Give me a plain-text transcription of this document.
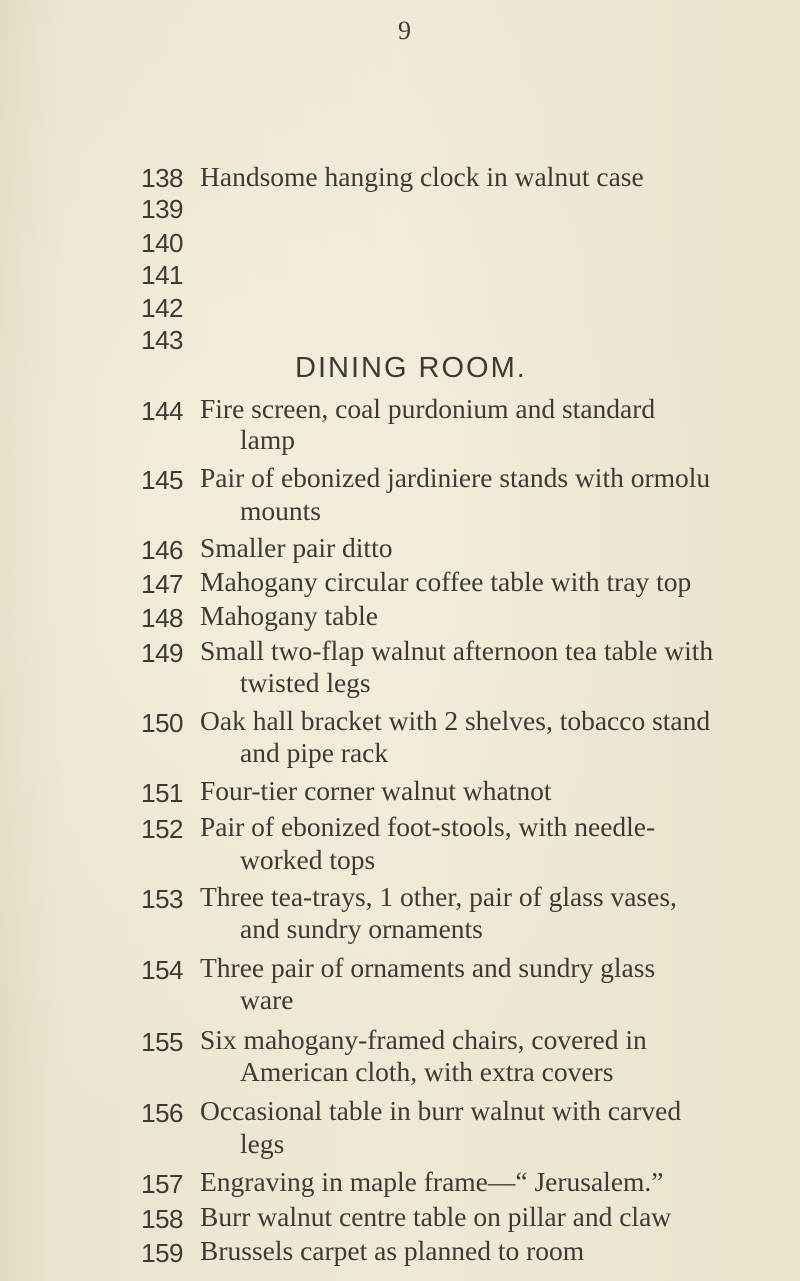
9
138 Handsome hanging clock in walnut case
139
140
141
142
143
DINING ROOM.
144 Fire screen, coal purdonium and standard
lamp
145 Pair of ebonized jardiniere stands with ormolu
mounts
146 Smaller pair ditto
147 Mahogany circular coffee table with tray top
148 Mahogany table
149 Small two-flap walnut afternoon tea table with
twisted legs
150 Oak hall bracket with 2 shelves, tobacco stand
and pipe rack
151 Four-tier corner walnut whatnot
152 Pair of ebonized foot-stools, with needle-
worked tops
153 Three tea-trays, 1 other, pair of glass vases,
and sundry ornaments
154 Three pair of ornaments and sundry glass
ware
155 Six mahogany-framed chairs, covered in
American cloth, with extra covers
156 Occasional table in burr walnut with carved
legs
157 Engraving in maple frame—“ Jerusalem.”
158 Burr walnut centre table on pillar and claw
159 Brussels carpet as planned to room
